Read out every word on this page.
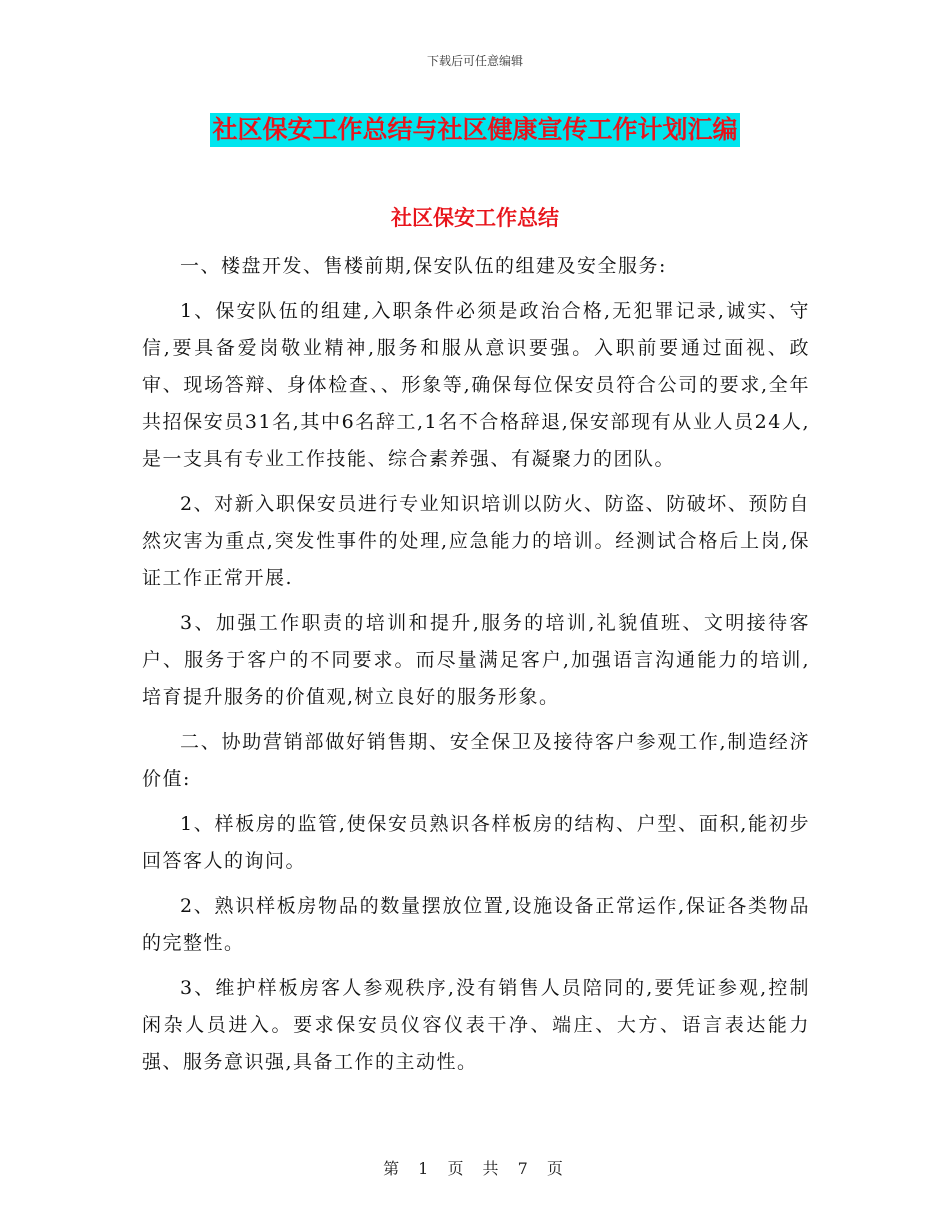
下载后可任意编辑
社区保安工作总结与社区健康宣传工作计划汇编
社区保安工作总结

一、楼盘开发、售楼前期,保安队伍的组建及安全服务:

1、保安队伍的组建,入职条件必须是政治合格,无犯罪记录,诚实、守信,要具备爱岗敬业精神,服务和服从意识要强。入职前要通过面视、政审、现场答辩、身体检查、、形象等,确保每位保安员符合公司的要求,全年共招保安员31名,其中6名辞工,1名不合格辞退,保安部现有从业人员24人,是一支具有专业工作技能、综合素养强、有凝聚力的团队。

2、对新入职保安员进行专业知识培训以防火、防盗、防破坏、预防自然灾害为重点,突发性事件的处理,应急能力的培训。经测试合格后上岗,保证工作正常开展.

3、加强工作职责的培训和提升,服务的培训,礼貌值班、文明接待客户、服务于客户的不同要求。而尽量满足客户,加强语言沟通能力的培训,培育提升服务的价值观,树立良好的服务形象。

二、协助营销部做好销售期、安全保卫及接待客户参观工作,制造经济价值:

1、样板房的监管,使保安员熟识各样板房的结构、户型、面积,能初步回答客人的询问。

2、熟识样板房物品的数量摆放位置,设施设备正常运作,保证各类物品的完整性。

3、维护样板房客人参观秩序,没有销售人员陪同的,要凭证参观,控制闲杂人员进入。要求保安员仪容仪表干净、端庄、大方、语言表达能力强、服务意识强,具备工作的主动性。

第 1 页 共 7 页
